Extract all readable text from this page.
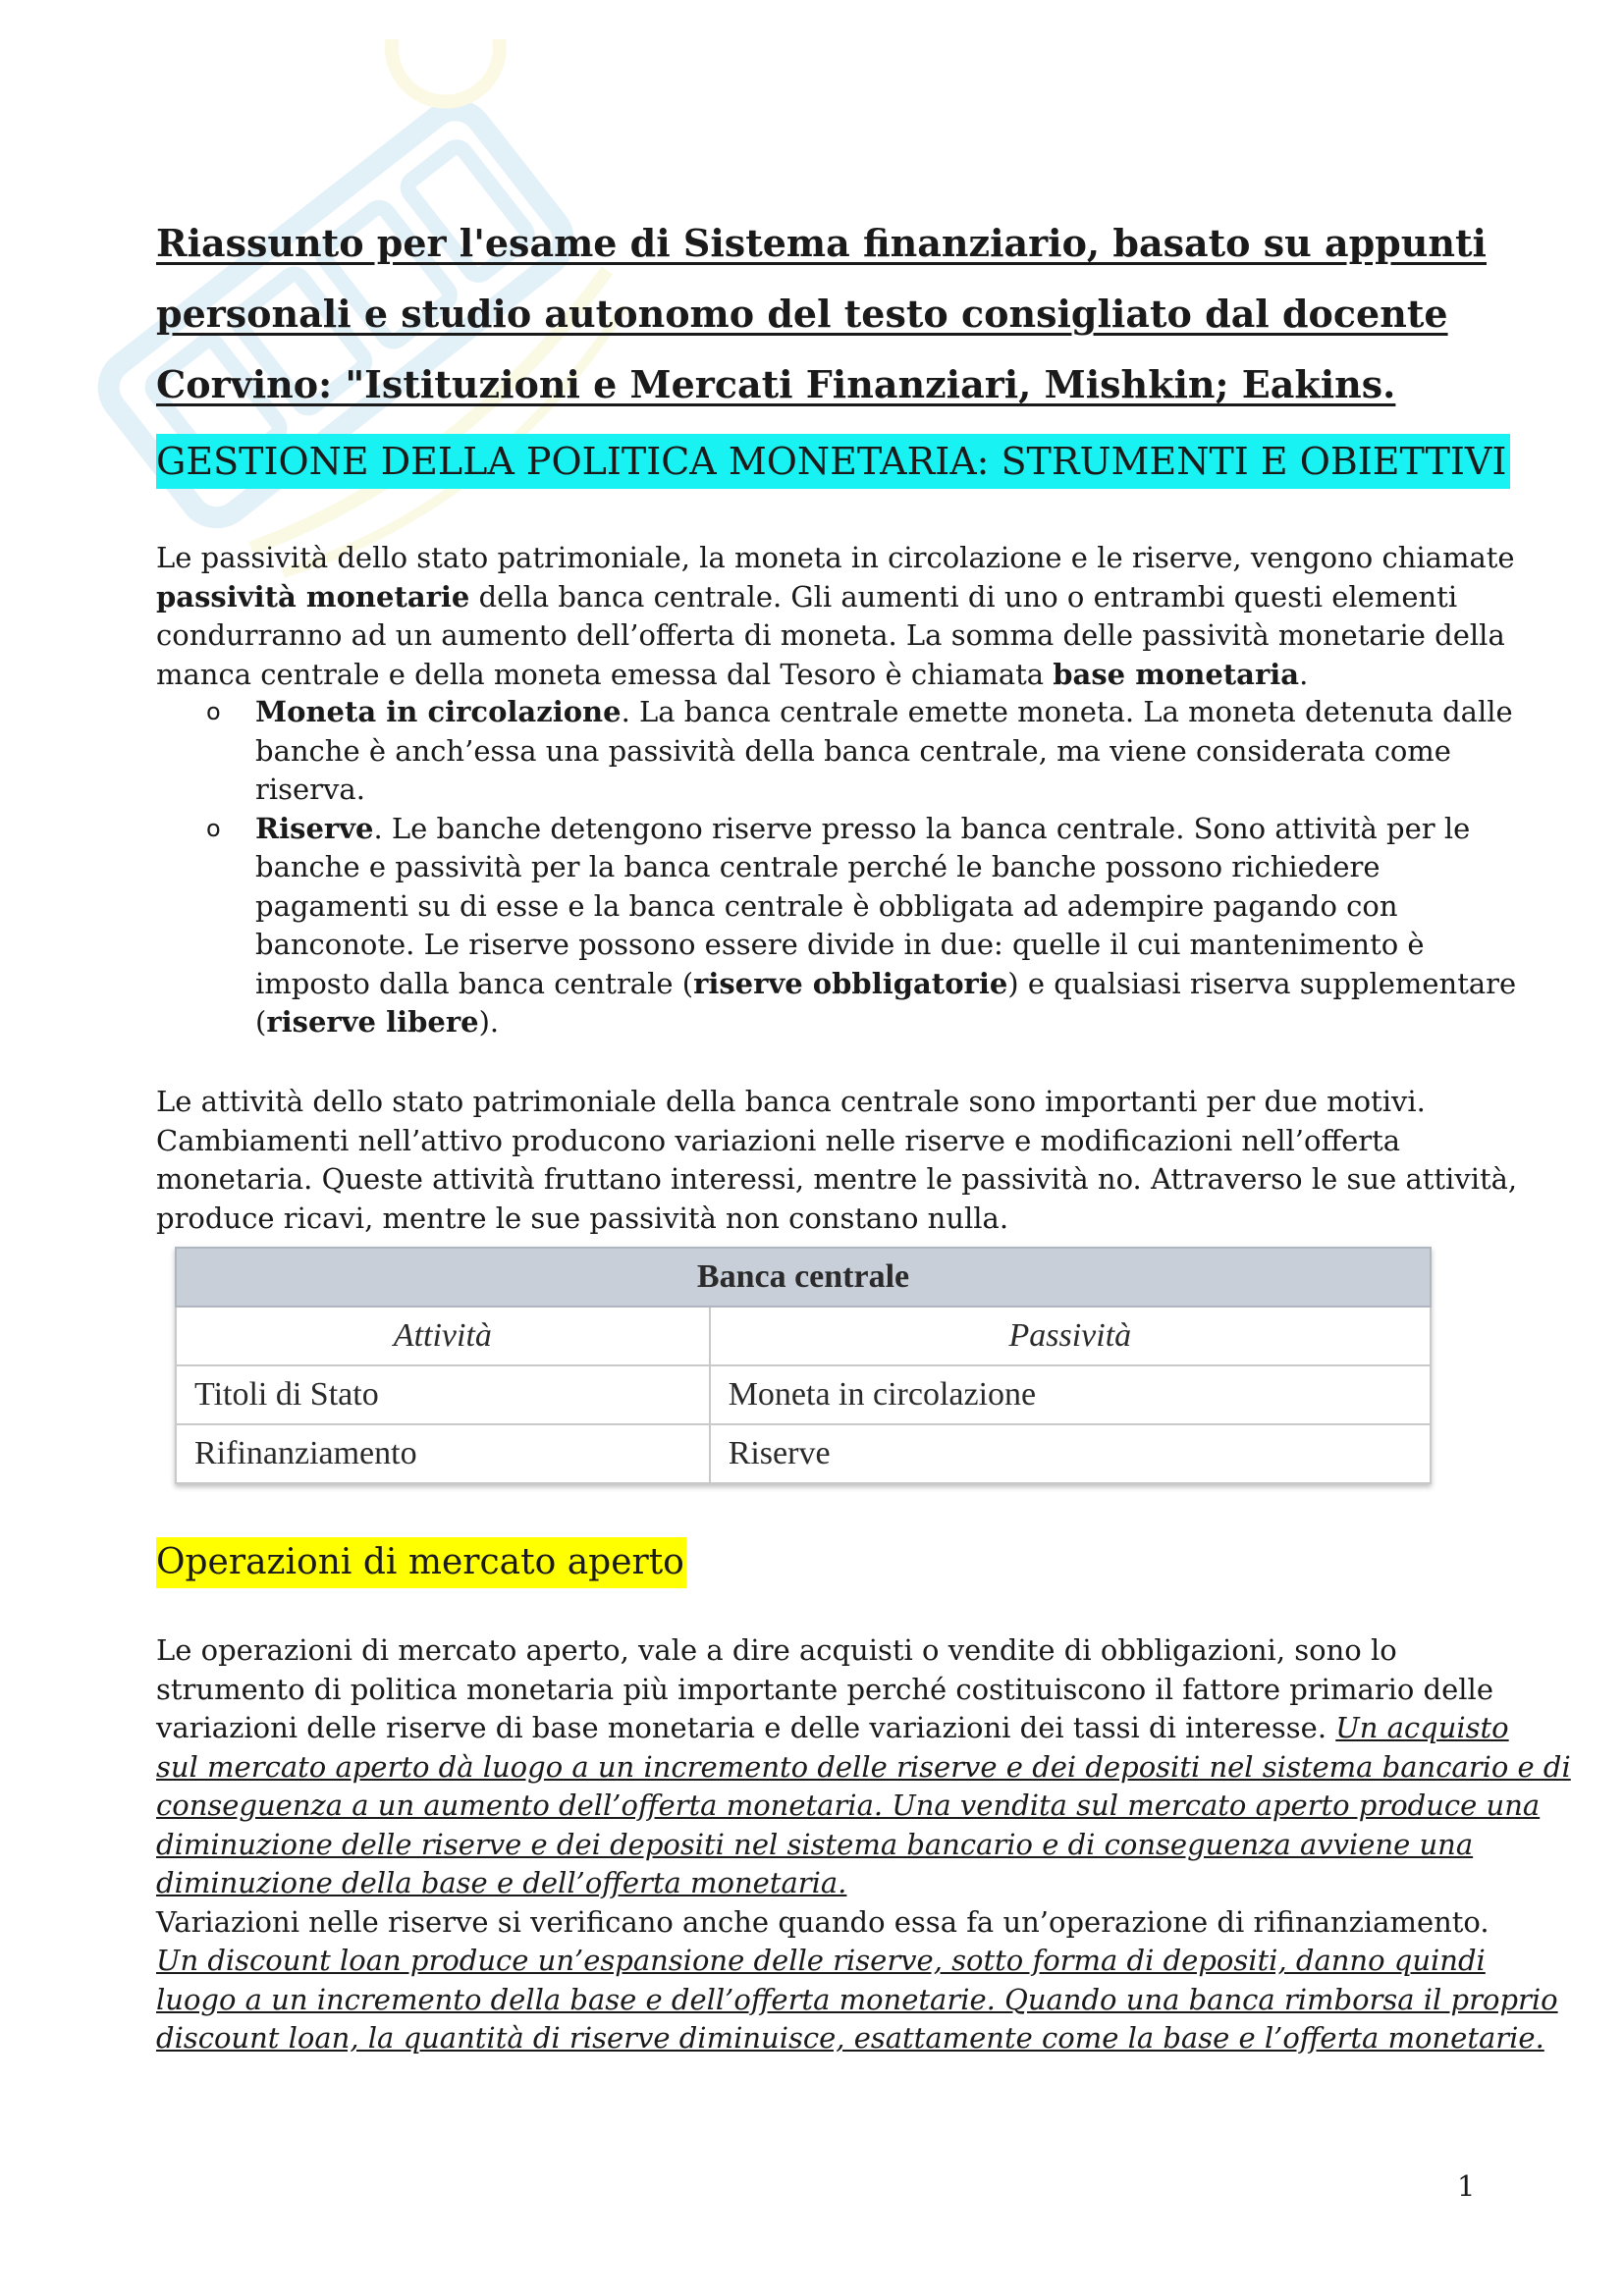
Riassunto per l'esame di Sistema finanziario, basato su appunti
personali e studio autonomo del testo consigliato dal docente
Corvino: "Istituzioni e Mercati Finanziari, Mishkin; Eakins.
GESTIONE DELLA POLITICA MONETARIA: STRUMENTI E OBIETTIVI

Le passività dello stato patrimoniale, la moneta in circolazione e le riserve, vengono chiamate
passività monetarie della banca centrale. Gli aumenti di uno o entrambi questi elementi
condurranno ad un aumento dell’offerta di moneta. La somma delle passività monetarie della
manca centrale e della moneta emessa dal Tesoro è chiamata base monetaria.

o Moneta in circolazione. La banca centrale emette moneta. La moneta detenuta dalle
banche è anch’essa una passività della banca centrale, ma viene considerata come
riserva.
o Riserve. Le banche detengono riserve presso la banca centrale. Sono attività per le
banche e passività per la banca centrale perché le banche possono richiedere
pagamenti su di esse e la banca centrale è obbligata ad adempire pagando con
banconote. Le riserve possono essere divide in due: quelle il cui mantenimento è
imposto dalla banca centrale (riserve obbligatorie) e qualsiasi riserva supplementare
(riserve libere).

Le attività dello stato patrimoniale della banca centrale sono importanti per due motivi.
Cambiamenti nell’attivo producono variazioni nelle riserve e modificazioni nell’offerta
monetaria. Queste attività fruttano interessi, mentre le passività no. Attraverso le sue attività,
produce ricavi, mentre le sue passività non constano nulla.

Banca centrale	
Attività	Passività
Titoli di Stato	Moneta in circolazione
Rifinanziamento	Riserve
Operazioni di mercato aperto

Le operazioni di mercato aperto, vale a dire acquisti o vendite di obbligazioni, sono lo
strumento di politica monetaria più importante perché costituiscono il fattore primario delle
variazioni delle riserve di base monetaria e delle variazioni dei tassi di interesse. Un acquisto
sul mercato aperto dà luogo a un incremento delle riserve e dei depositi nel sistema bancario e di
conseguenza a un aumento dell’offerta monetaria. Una vendita sul mercato aperto produce una
diminuzione delle riserve e dei depositi nel sistema bancario e di conseguenza avviene una
diminuzione della base e dell’offerta monetaria.
Variazioni nelle riserve si verificano anche quando essa fa un’operazione di rifinanziamento.
Un discount loan produce un’espansione delle riserve, sotto forma di depositi, danno quindi
luogo a un incremento della base e dell’offerta monetarie. Quando una banca rimborsa il proprio
discount loan, la quantità di riserve diminuisce, esattamente come la base e l’offerta monetarie.

1
